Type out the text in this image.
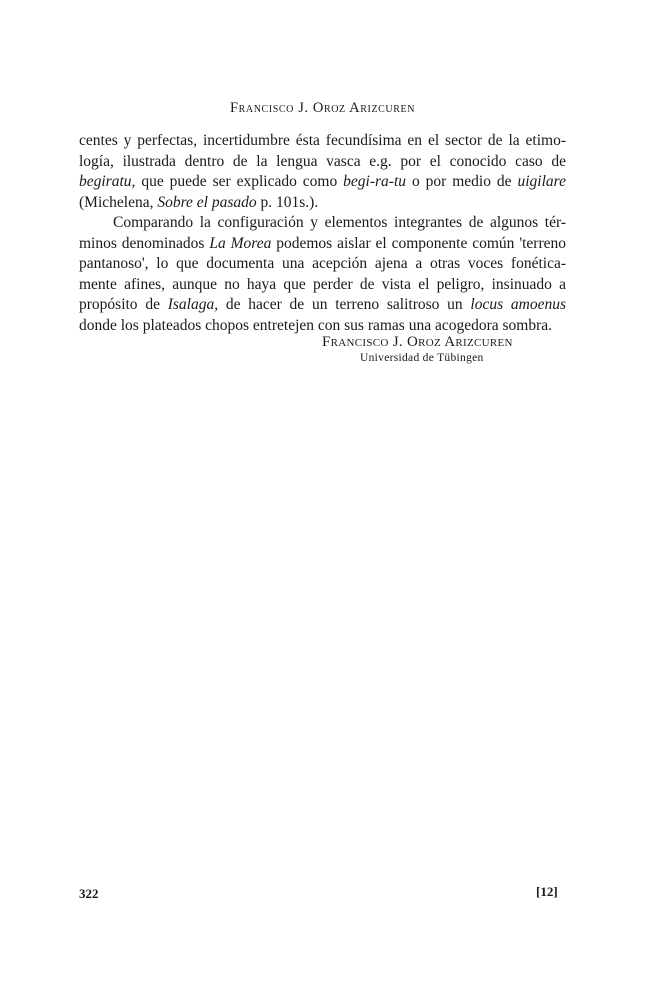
Francisco J. Oroz Arizcuren

centes y perfectas, incertidumbre ésta fecundísima en el sector de la etimo-
logía, ilustrada dentro de la lengua vasca e.g. por el conocido caso de
begiratu, que puede ser explicado como begi-ra-tu o por medio de uigilare
(Michelena, Sobre el pasado p. 101s.).

Comparando la configuración y elementos integrantes de algunos tér-
minos denominados La Morea podemos aislar el componente común 'terreno
pantanoso', lo que documenta una acepción ajena a otras voces fonética-
mente afines, aunque no haya que perder de vista el peligro, insinuado a
propósito de Isalaga, de hacer de un terreno salitroso un locus amoenus
donde los plateados chopos entretejen con sus ramas una acogedora sombra.

Francisco J. Oroz Arizcuren
Universidad de Tübingen
322	[12]
